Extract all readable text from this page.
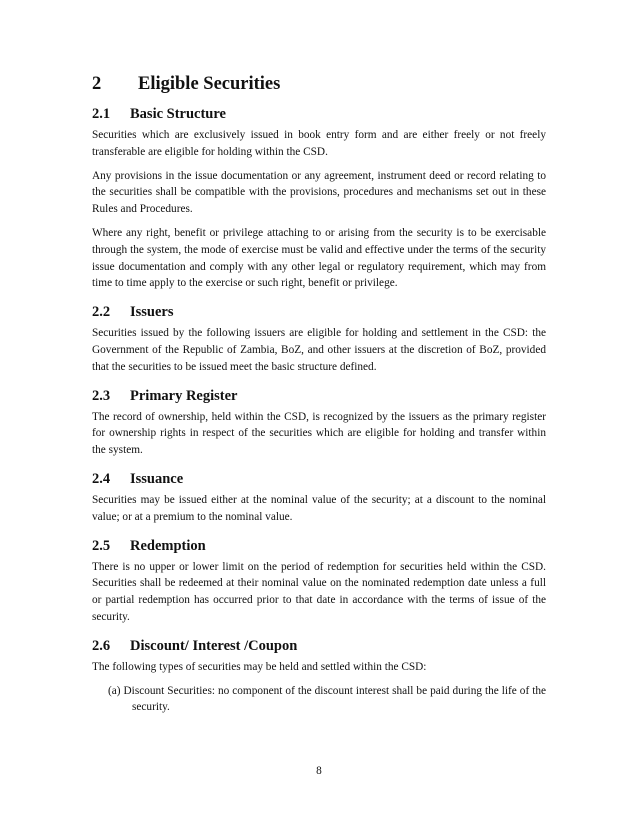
2	Eligible Securities
2.1	Basic Structure

Securities which are exclusively issued in book entry form and are either freely or not freely transferable are eligible for holding within the CSD.

Any provisions in the issue documentation or any agreement, instrument deed or record relating to the securities shall be compatible with the provisions, procedures and mechanisms set out in these Rules and Procedures.

Where any right, benefit or privilege attaching to or arising from the security is to be exercisable through the system, the mode of exercise must be valid and effective under the terms of the security issue documentation and comply with any other legal or regulatory requirement, which may from time to time apply to the exercise or such right, benefit or privilege.

2.2	Issuers

Securities issued by the following issuers are eligible for holding and settlement in the CSD: the Government of the Republic of Zambia, BoZ, and other issuers at the discretion of BoZ, provided that the securities to be issued meet the basic structure defined.

2.3	Primary Register

The record of ownership, held within the CSD, is recognized by the issuers as the primary register for ownership rights in respect of the securities which are eligible for holding and transfer within the system.

2.4	Issuance

Securities may be issued either at the nominal value of the security; at a discount to the nominal value; or at a premium to the nominal value.

2.5	Redemption

There is no upper or lower limit on the period of redemption for securities held within the CSD. Securities shall be redeemed at their nominal value on the nominated redemption date unless a full or partial redemption has occurred prior to that date in accordance with the terms of issue of the security.

2.6	Discount/ Interest /Coupon

The following types of securities may be held and settled within the CSD:

(a) Discount Securities: no component of the discount interest shall be paid during the life of the security.
8
